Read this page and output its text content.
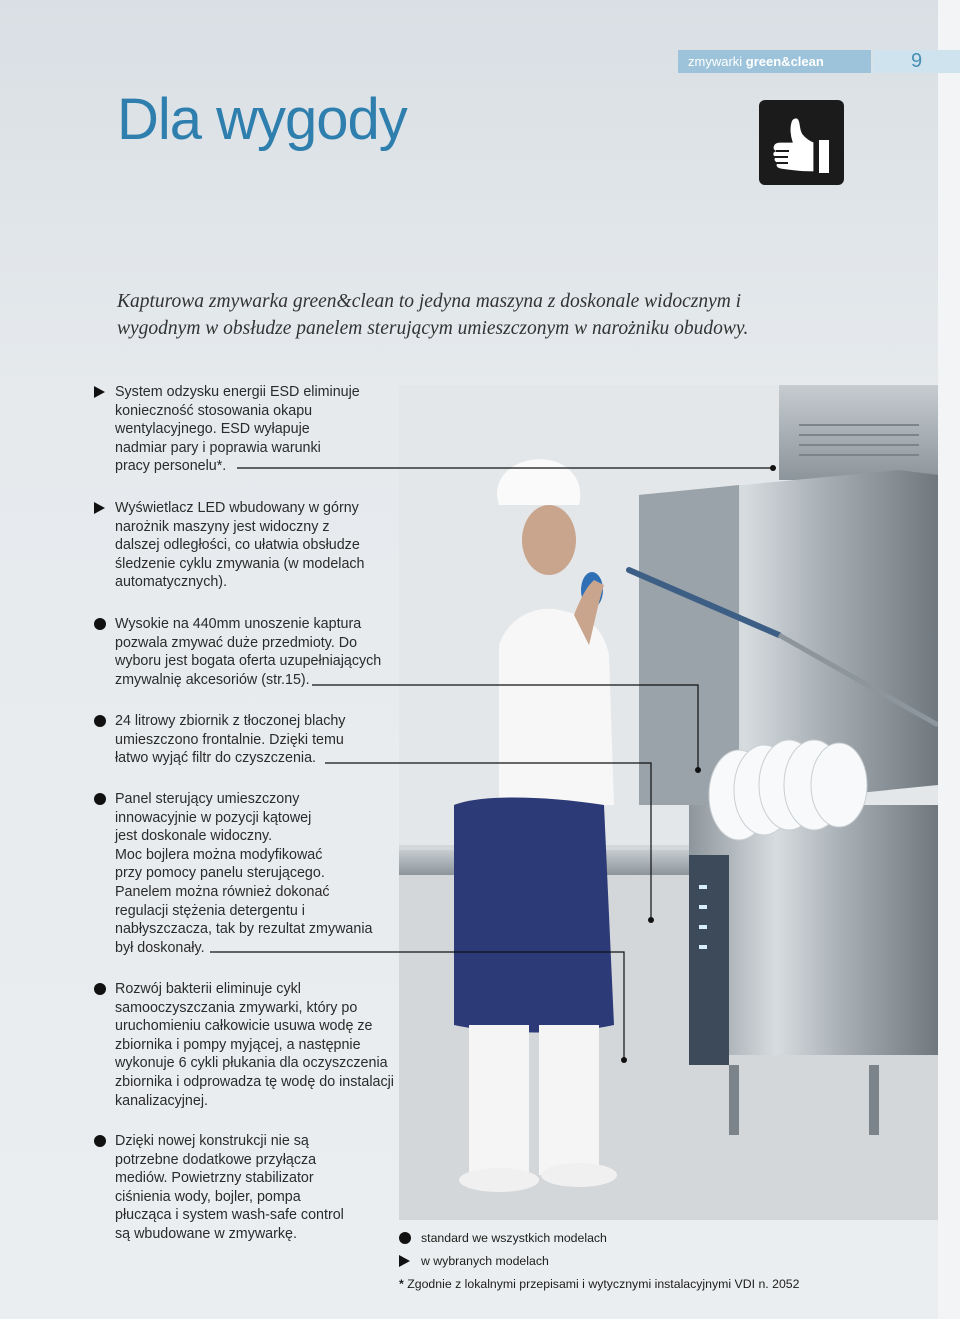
zmywarki green&clean	9
Dla wygody

Kapturowa zmywarka green&clean to jedyna maszyna z doskonale widocznym i wygodnym w obsłudze panelem sterującym umieszczonym w narożniku obudowy.

System odzysku energii ESD eliminuje
konieczność stosowania okapu
wentylacyjnego. ESD wyłapuje
nadmiar pary i poprawia warunki
pracy personelu*.
Wyświetlacz LED wbudowany w górny
narożnik maszyny jest widoczny z
dalszej odległości, co ułatwia obsłudze
śledzenie cyklu zmywania (w modelach
automatycznych).
Wysokie na 440mm unoszenie kaptura
pozwala zmywać duże przedmioty. Do
wyboru jest bogata oferta uzupełniających
zmywalnię akcesoriów (str.15).
24 litrowy zbiornik z tłoczonej blachy
umieszczono frontalnie. Dzięki temu
łatwo wyjąć filtr do czyszczenia.
Panel sterujący umieszczony
innowacyjnie w pozycji kątowej
jest doskonale widoczny.
Moc bojlera można modyfikować
przy pomocy panelu sterującego.
Panelem można również dokonać
regulacji stężenia detergentu i
nabłyszczacza, tak by rezultat zmywania
był doskonały.
Rozwój bakterii eliminuje cykl
samooczyszczania zmywarki, który po
uruchomieniu całkowicie usuwa wodę ze
zbiornika i pompy myjącej, a następnie
wykonuje 6 cykli płukania dla oczyszczenia
zbiornika i odprowadza tę wodę do instalacji
kanalizacyjnej.
Dzięki nowej konstrukcji nie są
potrzebne dodatkowe przyłącza
mediów. Powietrzny stabilizator
ciśnienia wody, bojler, pompa
płucząca i system wash-safe control
są wbudowane w zmywarkę.	standard we wszystkich modelach
w wybranych modelach
* Zgodnie z lokalnymi przepisami i wytycznymi instalacyjnymi VDI n. 2052
